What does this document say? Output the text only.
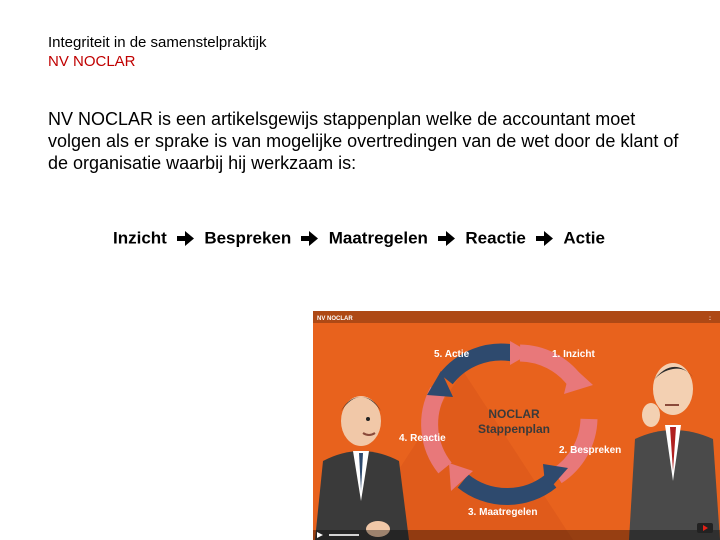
Integriteit in de samenstelpraktijk
NV NOCLAR
NV NOCLAR is een artikelsgewijs stappenplan welke de accountant moet volgen als er sprake is van mogelijke overtredingen van de wet door de klant of de organisatie waarbij hij werkzaam is:
Inzicht Bespreken Maatregelen Reactie Actie
NV NOCLAR	:
1. Inzicht
2. Bespreken
3. Maatregelen
4. Reactie
5. Actie
NOCLAR
Stappenplan
